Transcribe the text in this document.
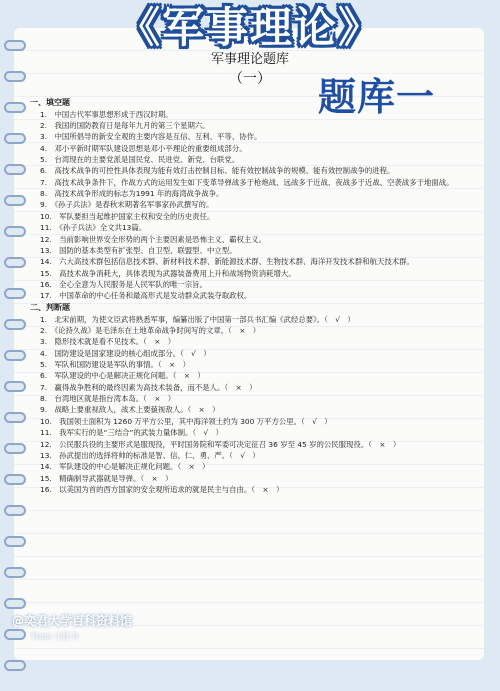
《军事理论》
军事理论题库
（一）	题库一
一、填空题
1.　中国古代军事思想形成于西汉时期。
2.　我国的国防教育日是每年九月的第三个星期六。
3.　中国所倡导的新安全观的主要内容是互信、互利、平等、协作。
4.　邓小平新时期军队建设思想是邓小平理论的重要组成部分。
5.　台湾现在的主要党派是国民党、民进党、新党、台联党。
6.　高技术战争的可控性具体表现为能有效打击控制目标、能有效控制战争的规模、能有效控制战争的进程。
7.　高技术战争条件下，作战方式的运用发生如下变革导弹战多于枪炮战、远战多于近战、夜战多于近战、空袭战多于地面战。
8.　高技术战争形成的标志为1991 年的海湾战争战争。
9.　《孙子兵法》是春秋末期著名军事家孙武撰写的。
10.　军队要担当起维护国家主权和安全的历史责任。
11.　《孙子兵法》全文共13篇。
12.　当前影响世界安全形势的两个主要因素是恐怖主义、霸权主义。
13.　国防的基本类型有扩张型、自卫型、联盟型、中立型。
14.　六大高技术群包括信息技术群、新材料技术群、新能源技术群、生物技术群、海洋开发技术群和航天技术群。
15.　高技术战争消耗大，具体表现为武器装备费用上升和战场物资消耗增大。
16.　全心全意为人民服务是人民军队的唯一宗旨。
17.　中国革命的中心任务和最高形式是发动群众武装夺取政权。
二、判断题
1.　北宋前期，为使文臣武将熟悉军事，编纂出版了中国第一部兵书汇编《武经总要》。（　√　）
2.　《论持久战》是毛泽东在土地革命战争时间写的文章。（　×　）
3.　隐形技术就是看不见技术。（　×　）
4.　国防建设是国家建设的核心组成部分。（　√　）
5.　军队和国防建设是军队的事情。（　×　）
6.　军队建设的中心是解决正规化问题。（　×　）
7.　赢得战争胜利的最终因素为高技术装备，而不是人。（　×　）
8.　台湾地区就是指台湾本岛。（　×　）
9.　战略上要重视敌人，战术上要藐视敌人。（　×　）
10.　我国领土面积为 1260 万平方公里，其中海洋领土约为 300 万平方公里。（　√　）
11.　我军实行的是“三结合”的武装力量体制。（　√　）
12.　公民服兵役的主要形式是服现役，平时国务院和军委可决定征召 36 岁至 45 岁的公民服现役。（　×　）
13.　孙武提出的选择将帅的标准是智、信、仁、勇、严。（　√　）
14.　军队建设的中心是解决正规化问题。（　×　）
15.　精确制导武器就是导弹。（　×　）
16.　以美国为首的西方国家的安全观所追求的就是民主与自由。（　×　）
@奕君大学百科资料馆
From 小红书
